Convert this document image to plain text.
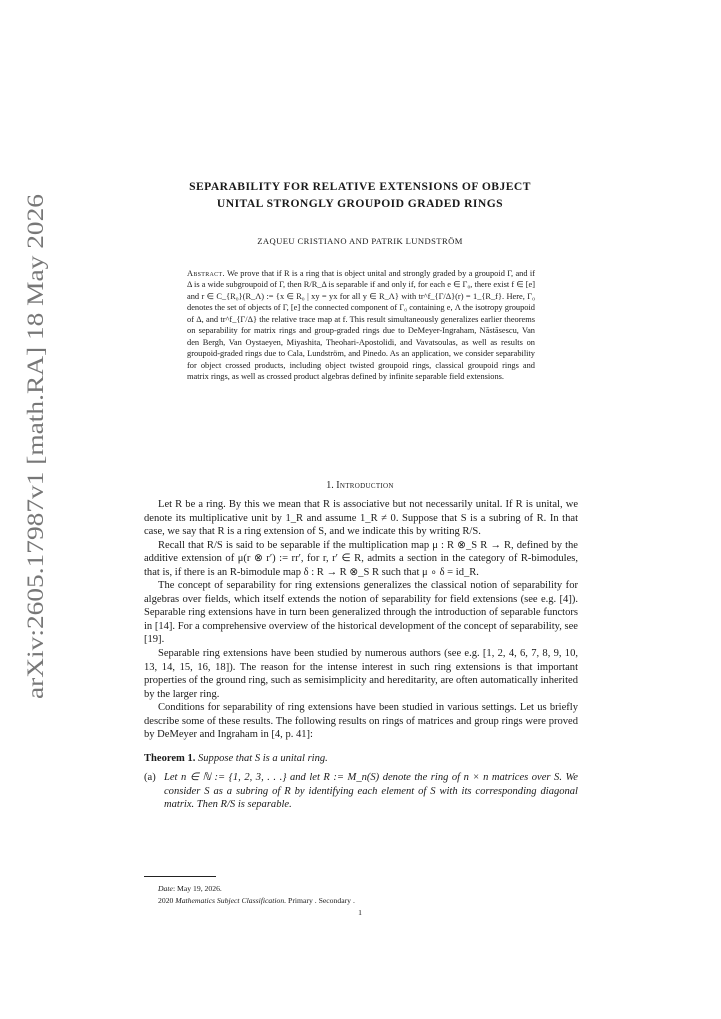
arXiv:2605.17987v1 [math.RA] 18 May 2026
SEPARABILITY FOR RELATIVE EXTENSIONS OF OBJECT
UNITAL STRONGLY GROUPOID GRADED RINGS
ZAQUEU CRISTIANO AND PATRIK LUNDSTRÖM
Abstract. We prove that if R is a ring that is object unital and strongly graded by a groupoid Γ, and if Δ is a wide subgroupoid of Γ, then R/R_Δ is separable if and only if, for each e ∈ Γ₀, there exist f ∈ [e] and r ∈ C_{R₀}(R_Λ) := {x ∈ R₀ | xy = yx for all y ∈ R_Λ} with tr^f_{Γ/Δ}(r) = 1_{R_f}. Here, Γ₀ denotes the set of objects of Γ, [e] the connected component of Γ₀ containing e, Λ the isotropy groupoid of Δ, and tr^f_{Γ/Δ} the relative trace map at f. This result simultaneously generalizes earlier theorems on separability for matrix rings and group-graded rings due to DeMeyer-Ingraham, Năstăsescu, Van den Bergh, Van Oystaeyen, Miyashita, Theohari-Apostolidi, and Vavatsoulas, as well as results on groupoid-graded rings due to Cala, Lundström, and Pinedo. As an application, we consider separability for object crossed products, including object twisted groupoid rings, classical groupoid rings and matrix rings, as well as crossed product algebras defined by infinite separable field extensions.
1. Introduction

Let R be a ring. By this we mean that R is associative but not necessarily unital. If R is unital, we denote its multiplicative unit by 1_R and assume 1_R ≠ 0. Suppose that S is a subring of R. In that case, we say that R is a ring extension of S, and we indicate this by writing R/S.

Recall that R/S is said to be separable if the multiplication map μ : R ⊗_S R → R, defined by the additive extension of μ(r ⊗ r′) := rr′, for r, r′ ∈ R, admits a section in the category of R-bimodules, that is, if there is an R-bimodule map δ : R → R ⊗_S R such that μ ∘ δ = id_R.

The concept of separability for ring extensions generalizes the classical notion of separability for algebras over fields, which itself extends the notion of separability for field extensions (see e.g. [4]). Separable ring extensions have in turn been generalized through the introduction of separable functors in [14]. For a comprehensive overview of the historical development of the concept of separability, see [19].

Separable ring extensions have been studied by numerous authors (see e.g. [1, 2, 4, 6, 7, 8, 9, 10, 13, 14, 15, 16, 18]). The reason for the intense interest in such ring extensions is that important properties of the ground ring, such as semisimplicity and hereditarity, are often automatically inherited by the larger ring.

Conditions for separability of ring extensions have been studied in various settings. Let us briefly describe some of these results. The following results on rings of matrices and group rings were proved by DeMeyer and Ingraham in [4, p. 41]:

Theorem 1. Suppose that S is a unital ring.
(a) Let n ∈ ℕ := {1, 2, 3, . . .} and let R := M_n(S) denote the ring of n × n matrices over S. We consider S as a subring of R by identifying each element of S with its corresponding diagonal matrix. Then R/S is separable.
Date: May 19, 2026.
2020 Mathematics Subject Classification. Primary . Secondary .
1
